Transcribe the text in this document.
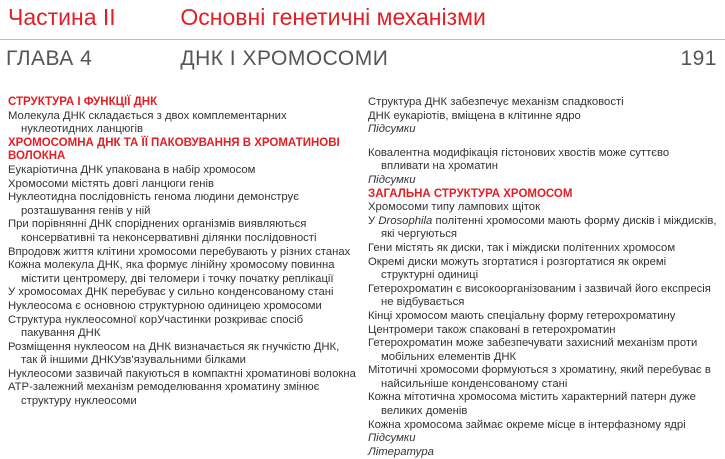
Частина II	Основні генетичні механізми
ГЛАВА 4	ДНК І ХРОМОСОМИ	191
СТРУКТУРА І ФУНКЦІЇ ДНК
Молекула ДНК складається з двох комплементарних нуклеотидних ланцюгів
ХРОМОСОМНА ДНК ТА ЇЇ ПАКОВУВАННЯ В ХРОМАТИНОВІ ВОЛОКНА
Еукаріотична ДНК упакована в набір хромосом
Хромосоми містять довгі ланцюги генів
Нуклеотидна послідовність генома людини демонструє розташування генів у ній
При порівнянні ДНК споріднених організмів виявляються консервативні та неконсервативні ділянки послідовності
Впродовж життя клітини хромосоми перебувають у різних станах
Кожна молекула ДНК, яка формує лінійну хромосому повинна містити центромеру, дві теломери і точку початку реплікації
У хромосомах ДНК перебуває у сильно конденсованому стані
Нуклеосома є основною структурною одиницею хромосоми
Структура нуклеосомної корУчастинки розкриває спосіб пакування ДНК
Розміщення нуклеосом на ДНК визначається як гнучкістю ДНК, так й іншими ДНКУзв'язувальними білками
Нуклеосоми зазвичай пакуються в компактні хроматинові волокна
АТР-залежний механізм ремоделювання хроматину змінює структуру нуклеосоми
Структура ДНК забезпечує механізм спадковості
ДНК еукаріотів, вміщена в клітинне ядро
Підсумки
Ковалентна модифікація гістонових хвостів може суттєво впливати на хроматин
Підсумки
ЗАГАЛЬНА СТРУКТУРА ХРОМОСОМ
Хромосоми типу лампових щіток
У Drosophila політенні хромосоми мають форму дисків і міждисків, які чергуються
Гени містять як диски, так і міждиски політенних хромосом
Окремі диски можуть згортатися і розгортатися як окремі структурні одиниці
Гетерохроматин є високоорганізованим і зазвичай його експресія не відбувається
Кінці хромосом мають спеціальну форму гетерохроматину
Центромери також спаковані в гетерохроматин
Гетерохроматин може забезпечувати захисний механізм проти мобільних елементів ДНК
Мітотичні хромосоми формуються з хроматину, який перебуває в найсильніше конденсованому стані
Кожна мітотична хромосома містить характерний патерн дуже великих доменів
Кожна хромосома займає окреме місце в інтерфазному ядрі
Підсумки
Література
